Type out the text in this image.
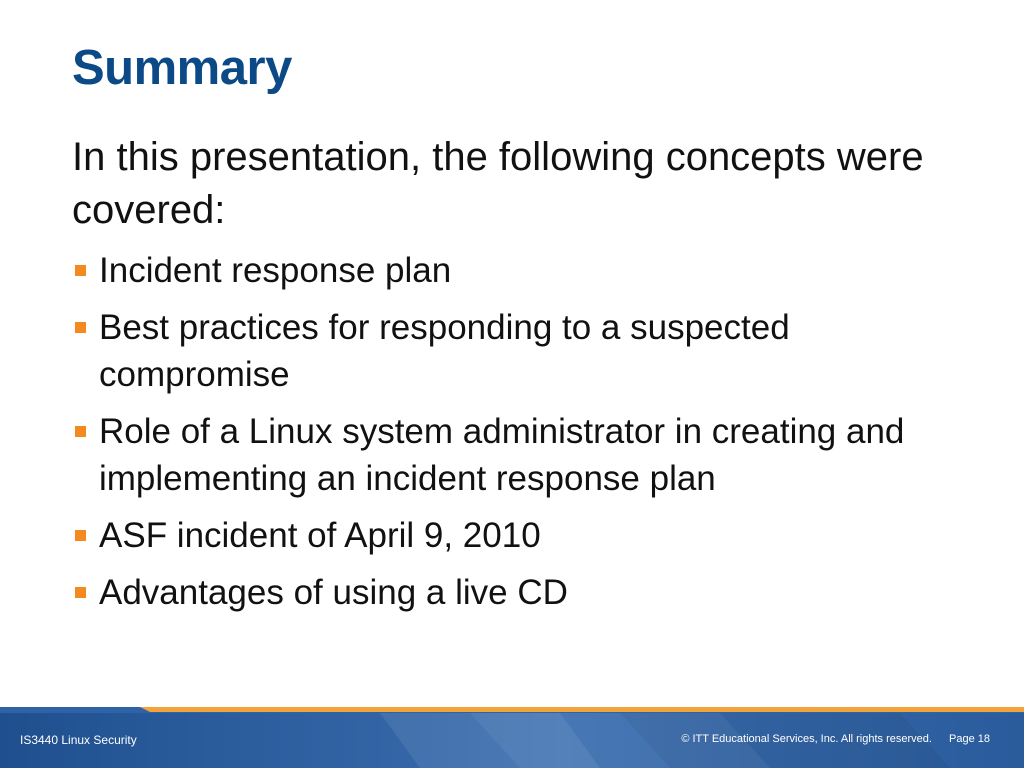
Summary

In this presentation, the following concepts were covered:

Incident response plan
Best practices for responding to a suspected compromise
Role of a Linux system administrator in creating and implementing an incident response plan
ASF incident of April 9, 2010
Advantages of using a live CD
IS3440 Linux Security	© ITT Educational Services, Inc. All rights reserved. Page 18
